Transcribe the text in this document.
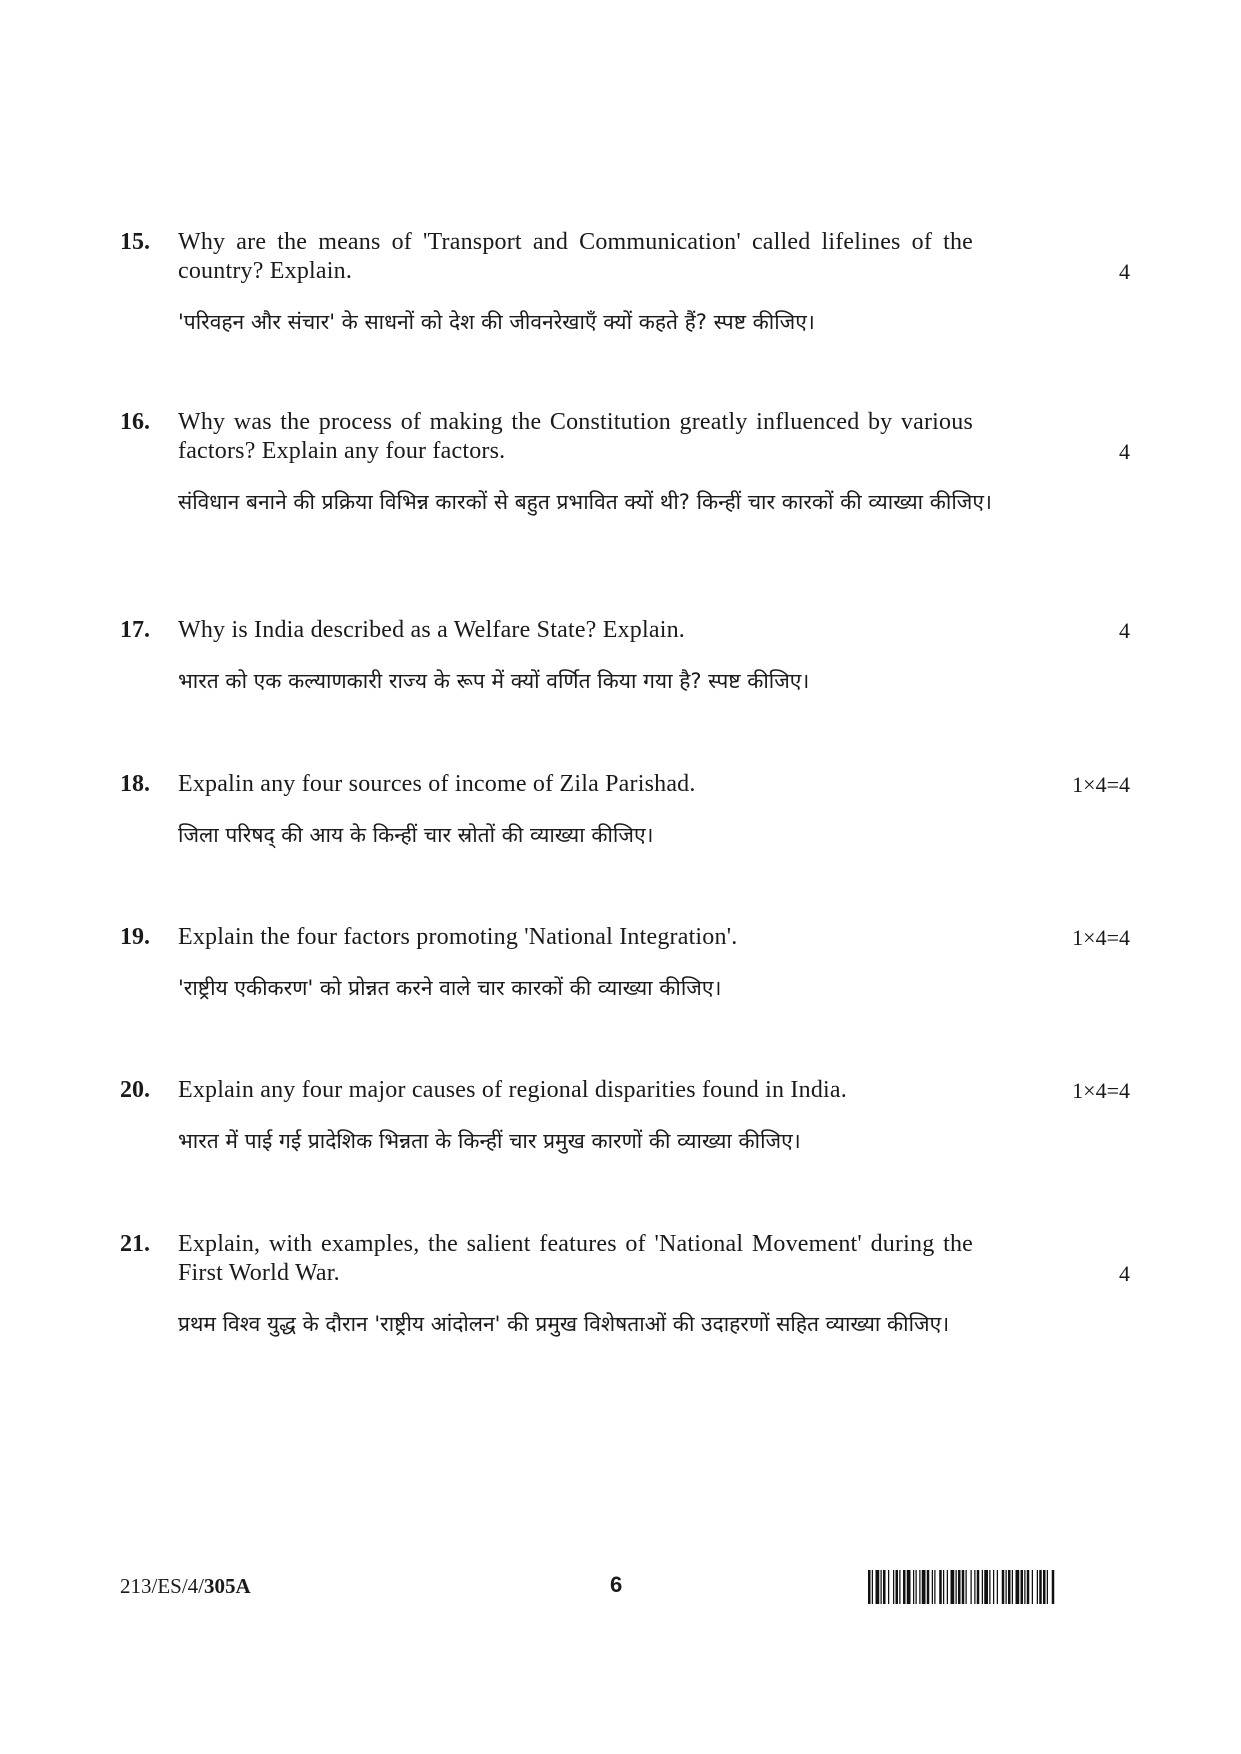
15.	Why are the means of 'Transport and Communication' called lifelines of the country? Explain.	4
'परिवहन और संचार' के साधनों को देश की जीवनरेखाएँ क्यों कहते हैं? स्पष्ट कीजिए।
16.	Why was the process of making the Constitution greatly influenced by various factors? Explain any four factors.	4
संविधान बनाने की प्रक्रिया विभिन्न कारकों से बहुत प्रभावित क्यों थी? किन्हीं चार कारकों की व्याख्या कीजिए।
17.	Why is India described as a Welfare State? Explain.	4
भारत को एक कल्याणकारी राज्य के रूप में क्यों वर्णित किया गया है? स्पष्ट कीजिए।
18.	Expalin any four sources of income of Zila Parishad.	1×4=4
जिला परिषद् की आय के किन्हीं चार स्रोतों की व्याख्या कीजिए।
19.	Explain the four factors promoting 'National Integration'.	1×4=4
'राष्ट्रीय एकीकरण' को प्रोन्नत करने वाले चार कारकों की व्याख्या कीजिए।
20.	Explain any four major causes of regional disparities found in India.	1×4=4
भारत में पाई गई प्रादेशिक भिन्नता के किन्हीं चार प्रमुख कारणों की व्याख्या कीजिए।
21.	Explain, with examples, the salient features of 'National Movement' during the First World War.	4
प्रथम विश्व युद्ध के दौरान 'राष्ट्रीय आंदोलन' की प्रमुख विशेषताओं की उदाहरणों सहित व्याख्या कीजिए।
213/ES/4/305A	6
